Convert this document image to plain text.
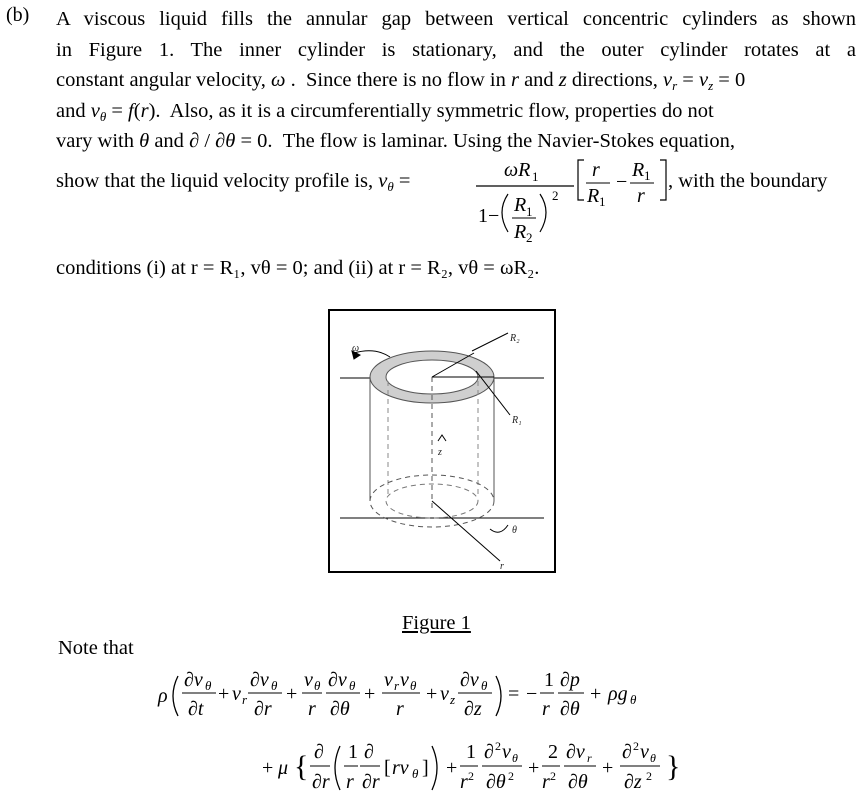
(b) A viscous liquid fills the annular gap between vertical concentric cylinders as shown
in Figure 1. The inner cylinder is stationary, and the outer cylinder rotates at a
constant angular velocity, ω .  Since there is no flow in r and z directions, $v_r = v_z = 0$
and $v_\theta = f(r)$.  Also, as it is a circumferentially symmetric flow, properties do not
vary with θ and ∂ / ∂θ = 0.  The flow is laminar. Using the Navier-Stokes equation,
show that the liquid velocity profile is, $v_\theta$ =	ωR 1
1− R 1
R 2
2
r
R 1
−
R 1
r
, with the boundary
conditions (i) at r = R₁, vθ = 0; and (ii) at r = R₂, vθ = ωR₂.
ω
R₂
R₁
z
θ
r
Figure 1
Note that
ρ
∂v θ
∂t
+ v r
∂v θ
∂r
+
v θ
r
∂v θ
∂θ
+
v r v θ
r
+ v z
∂v θ
∂z
= −
1
r
∂p
∂θ
+ ρg θ
+ μ { ∂
∂r
1
r
∂
∂r
[ rv θ ] +
1
r 2
∂ 2 v θ
∂θ 2 +
2
r 2
∂v r
∂θ
+
∂ 2 v θ
∂z 2 }
